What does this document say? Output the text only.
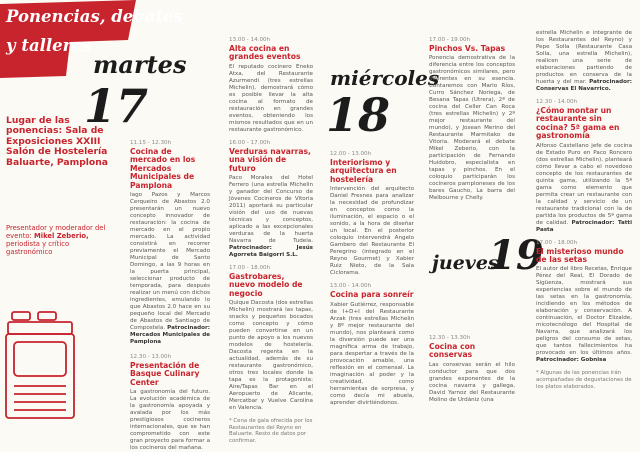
Ponencias, debates
y talleres
martes
17
Lugar de las ponencias: Sala de Exposiciones XXIII Salón de Hostelería Baluarte, Pamplona
Presentador y moderador del evento: Mikel Zeberio, periodista y crítico gastronómico
11.15 - 12.30h
Cocina de mercado en los Mercados Municipales de Pamplona
Iago Pazos y Marcos Cerqueiro de Abastos 2.0 presentarán un nuevo concepto innovador de restauración: la cocina de mercado en el propio mercado. La actividad consistirá en recorrer previamente el Mercado Municipal de Santo Domingo, a las 9 horas en la puerta principal, seleccionar producto de temporada, para después realizar un menú con dichos ingredientes, emulando lo que Abastos 2.0 hace en su pequeño local del Mercado de Abastos de Santiago de Compostela. Patrocinador: Mercados Municipales de Pamplona
12.30 - 13.00h
Presentación de Basque Culinary Center
La gastronomía del futuro. La evolución académica de la gastronomía apoyada y avalada por los más prestigiosos cocineros internacionales, que se han comprometido con este gran proyecto para formar a los cocineros del mañana.
13.00 - 14.00h
Alta cocina en grandes eventos
El reputado cocinero Eneko Atxa, del Restaurante Azurmendi (tres estrellas Michelin), demostrará cómo es posible llevar la alta cocina al formato de restauración en grandes eventos, obteniendo los mismos resultados que en un restaurante gastronómico.
16.00 - 17.00h
Verduras navarras, una visión de futuro
Paco Morales del Hotel Ferrero (una estrella Michelin y ganador del Concurso de Jóvenes Cocineros de Vitoria 2011) aportará su particular visión del uso de nuevas técnicas y conceptos, aplicado a las excepcionales verduras de la huerta Navarra de Tudela. Patrocinador: Jesús Agorreta Baigorri S.L.
17.00 - 18.00h
Gastrobares, nuevo modelo de negocio
Quique Dacosta (dos estrellas Michelin) mostrará las tapas, snacks y pequeños bocados como concepto y cómo pueden convertirse en un punto de apoyo a los nuevos modelos de hostelería. Dacosta regenta en la actualidad, además de su restaurante gastronómico, otros tres locales donde la tapa es la protagonista: Aire/Tapas Bar en el Aeropuerto de Alicante, Mercatbar y Vuelve Carolina en Valencia.
* Cena de gala ofrecida por los Restaurantes del Reyno en Baluarte. Resto de datos por confirmar.
miércoles
18
12.00 - 13.00h
Interiorismo y arquitectura en hostelería
Intervención del arquitecto Daniel Fresnes para analizar la necesidad de profundizar en conceptos como la iluminación, el espacio o el sonido, a la hora de diseñar un local. En el posterior coloquio intervendrá Angelo Gambero del Restaurante El Peregrino (integrado en el Reyno Gourmet) y Xabier Ruiz Nieto, de la Sala Ciclorama.
13.00 - 14.00h
Cocina para sonreír
Xabier Gutiérrez, responsable de I+D+I del Restaurante Arzak (tres estrellas Michelin y 8º mejor restaurante del mundo), nos planteará como la diversión puede ser una magnífica arma de trabajo, para despertar a través de la provocación amable, una reflexión en el comensal. La imaginación al poder y la creatividad, como herramientas de sorpresa, y como decía mi abuela, aprender divirtiéndonos.
17.00 - 19.00h
Pinchos Vs. Tapas
Ponencia demostrativa de la diferencia entre los conceptos gastronómicos similares, pero diferentes en su esencia. Contaremos con Mario Ríos, Curro Sánchez Noriega, de Besana Tapas (Utrera), 2ª de cocina del Celler Can Roca (tres estrellas Michelin) y 2º mejor restaurante del mundo), y Josean Merino del Restaurante Marmitako de Vitoria. Moderará el debate Mikel Zeberio, con la participación de Fernando Huidobro, especialista en tapas y pinchos. En el coloquio participarán los cocineros pamploneses de los bares Gaucho, La barra del Melbourne y Chelly.
jueves
19
12.30 - 13.30h
Cocina con conservas
Las conservas serán el hilo conductor para que dos grandes exponentes de la cocina navarra y gallega, David Yarnoz del Restaurante Molino de Urdániz (una
estrella Michelin e integrante de los Restaurantes del Reyno) y Pepe Solla (Restaurante Casa Solla, una estrella Michelin), realicen una serie de elaboraciones partiendo de productos en conserva de la huerta y del mar. Patrocinador: Conservas El Navarrico.
12.30 - 14.00h
¿Cómo montar un restaurante sin cocina? 5ª gama en gastronomía
Alfonso Castellano jefe de cocina de Estado Puro en Paco Roncero (dos estrellas Michelin), planteará cómo llevar a cabo el novedoso concepto de los restaurantes de quinta gama, utilizando la 5ª gama como elemento que permita crear un restaurante con la calidad y servicio de un restaurante tradicional con la de partida los productos de 5ª gama de calidad. Patrocinador: Tatti Pasta
17.00 - 18.00h
El misterioso mundo de las setas
El autor del libro Recetas, Enrique Pérez del Real, El Dorado de Sigüenza, mostrará sus experiencias sobre el mundo de las setas en la gastronomía, incidiendo en los métodos de elaboración y conservación. A continuación, el Doctor Elizalde, micotecnólogo del Hospital de Navarra, que analizará los peligros del consumo de setas, que tantos fallecimientos ha provocado en los últimos años. Patrocinador: Gobnisa
* Algunas de las ponencias irán acompañadas de degustaciones de los platos elaborados.
